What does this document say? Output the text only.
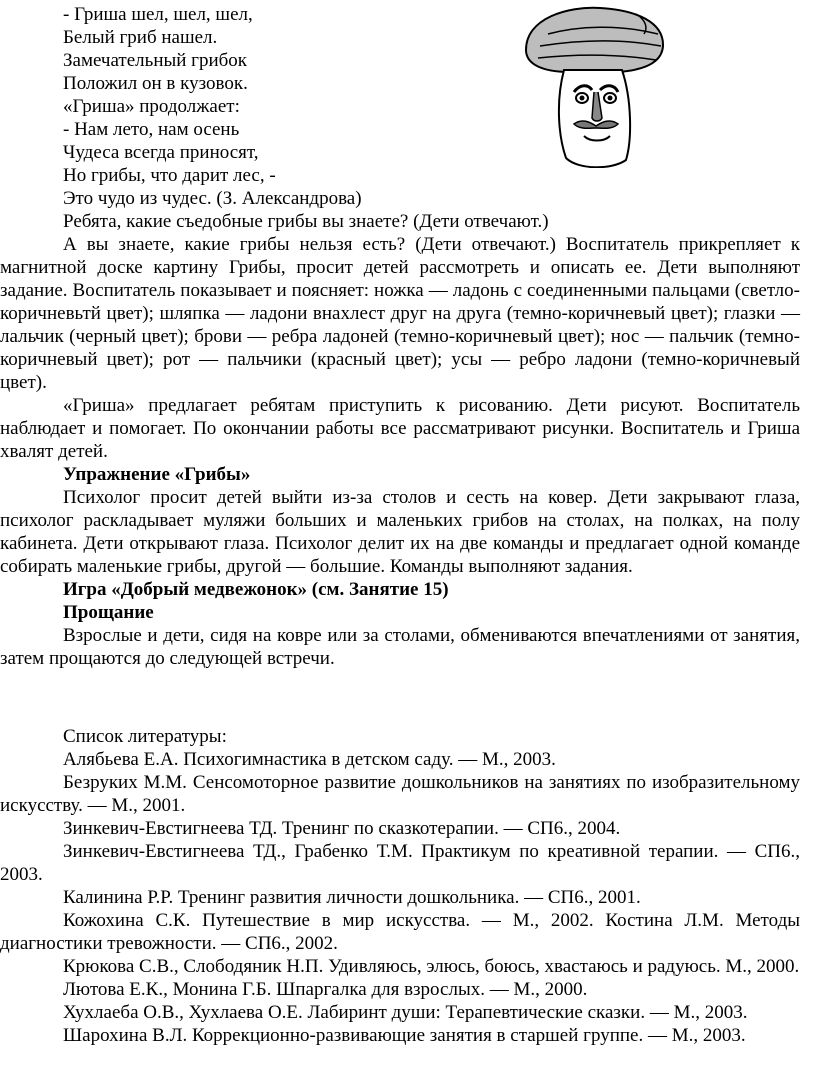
- Гриша шел, шел, шел,
Белый гриб нашел.
Замечательный грибок
Положил он в кузовок.
«Гриша» продолжает:
- Нам лето, нам осень
Чудеса всегда приносят,
Но грибы, что дарит лес, -
Это чудо из чудес. (З. Александрова)

Ребята, какие съедобные грибы вы знаете? (Дети отвечают.)

А вы знаете, какие грибы нельзя есть? (Дети отвечают.) Воспитатель прикрепляет к магнитной доске картину Грибы, просит детей рассмотреть и описать ее. Дети выполняют задание. Воспитатель показывает и поясняет: ножка — ладонь с соединенными пальцами (светло-коричневьтй цвет); шляпка — ладони внахлест друг на друга (темно-коричневый цвет); глазки — лальчик (черный цвет); брови — ребра ладоней (темно-коричневый цвет); нос — пальчик (темно-коричневый цвет); рот — пальчики (красный цвет); усы — ребро ладони (темно-коричневый цвет).

«Гриша» предлагает ребятам приступить к рисованию. Дети рисуют. Воспитатель наблюдает и помогает. По окончании работы все рассматривают рисунки. Воспитатель и Гриша хвалят детей.

Упражнение «Грибы»

Психолог просит детей выйти из-за столов и сесть на ковер. Дети закрывают глаза, психолог раскладывает муляжи больших и маленьких грибов на столах, на полках, на полу кабинета. Дети открывают глаза. Психолог делит их на две команды и предлагает одной команде собирать маленькие грибы, другой — большие. Команды выполняют задания.

Игра «Добрый медвежонок» (см. Занятие 15)

Прощание

Взрослые и дети, сидя на ковре или за столами, обмениваются впечатлениями от занятия, затем прощаются до следующей встречи.

Список литературы:

Алябьева Е.А. Психогимнастика в детском саду. — М., 2003.

Безруких М.М. Сенсомоторное развитие дошкольников на занятиях по изобразительному искусству. — М., 2001.

Зинкевич-Евстигнеева ТД. Тренинг по сказкотерапии. — СП6., 2004.

Зинкевич-Евстигнеева ТД., Грабенко Т.М. Практикум по креативной терапии. — СП6., 2003.

Калинина Р.Р. Тренинг развития личности дошкольника. — СП6., 2001.

Кожохина С.К. Путешествие в мир искусства. — М., 2002. Костина Л.М. Методы диагностики тревожности. — СП6., 2002.

Крюкова С.В., Слободяник Н.П. Удивляюсь, элюсь, боюсь, хвастаюсь и радуюсь. М., 2000.

Лютова Е.К., Монина Г.Б. Шпаргалка для взрослых. — М., 2000.

Хухлаеба О.В., Хухлаева О.Е. Лабиринт души: Терапевтические сказки. — М., 2003.

Шарохина В.Л. Коррекционно-развивающие занятия в старшей группе. — М., 2003.
